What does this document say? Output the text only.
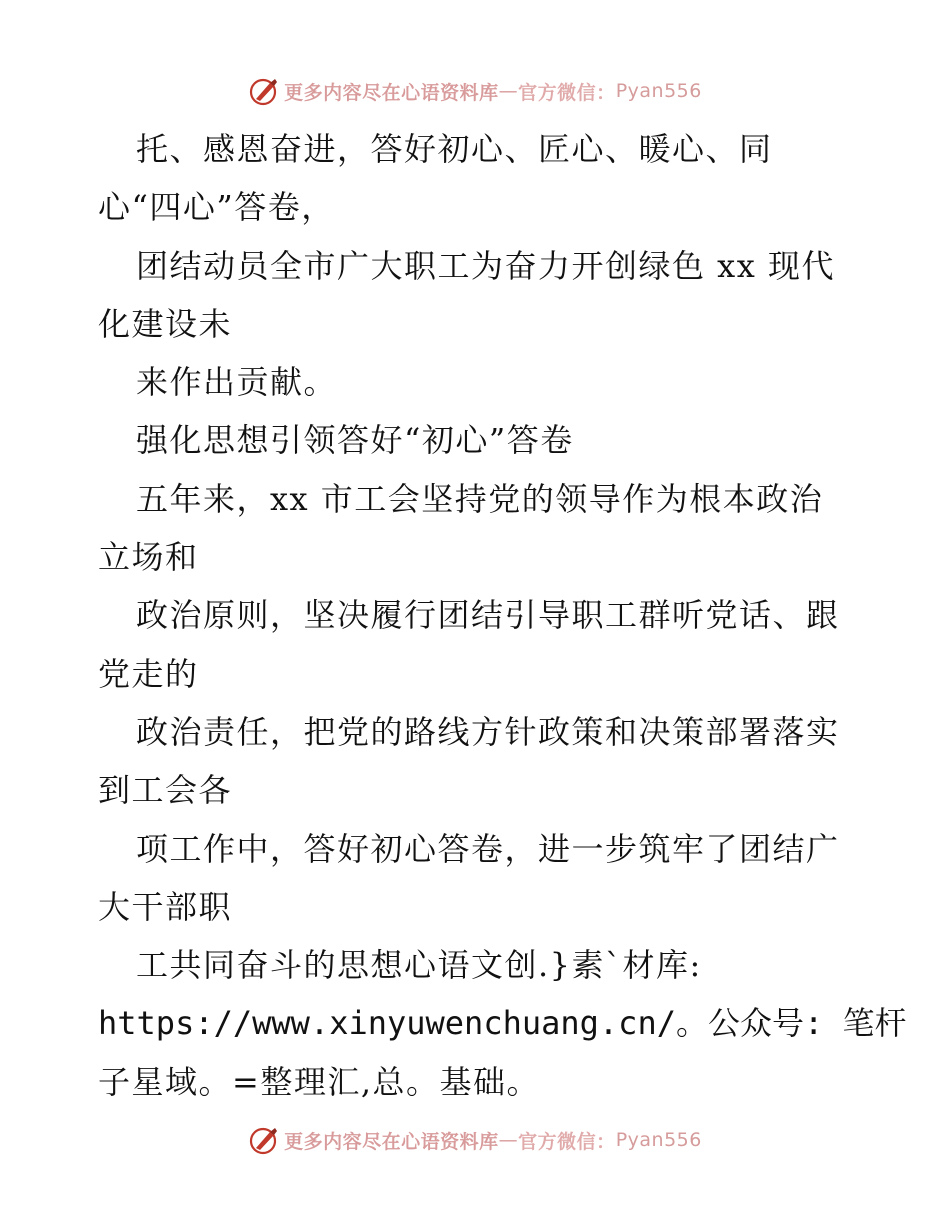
更多内容尽在心语资料库 — 官方微信： Pyan556
托、感恩奋进，答好初心、匠心、暖心、同
心“四心”答卷，
团结动员全市广大职工为奋力开创绿色 xx 现代
化建设未
来作出贡献。
强化思想引领答好“初心”答卷
五年来，xx 市工会坚持党的领导作为根本政治
立场和
政治原则，坚决履行团结引导职工群听党话、跟
党走的
政治责任，把党的路线方针政策和决策部署落实
到工会各
项工作中，答好初心答卷，进一步筑牢了团结广
大干部职
工共同奋斗的思想心语文创.}素`材库:
https://www.xinyuwenchuang.cn/。公众号: 笔杆
子星域。=整理汇,总。基础。
更多内容尽在心语资料库 — 官方微信： Pyan556
